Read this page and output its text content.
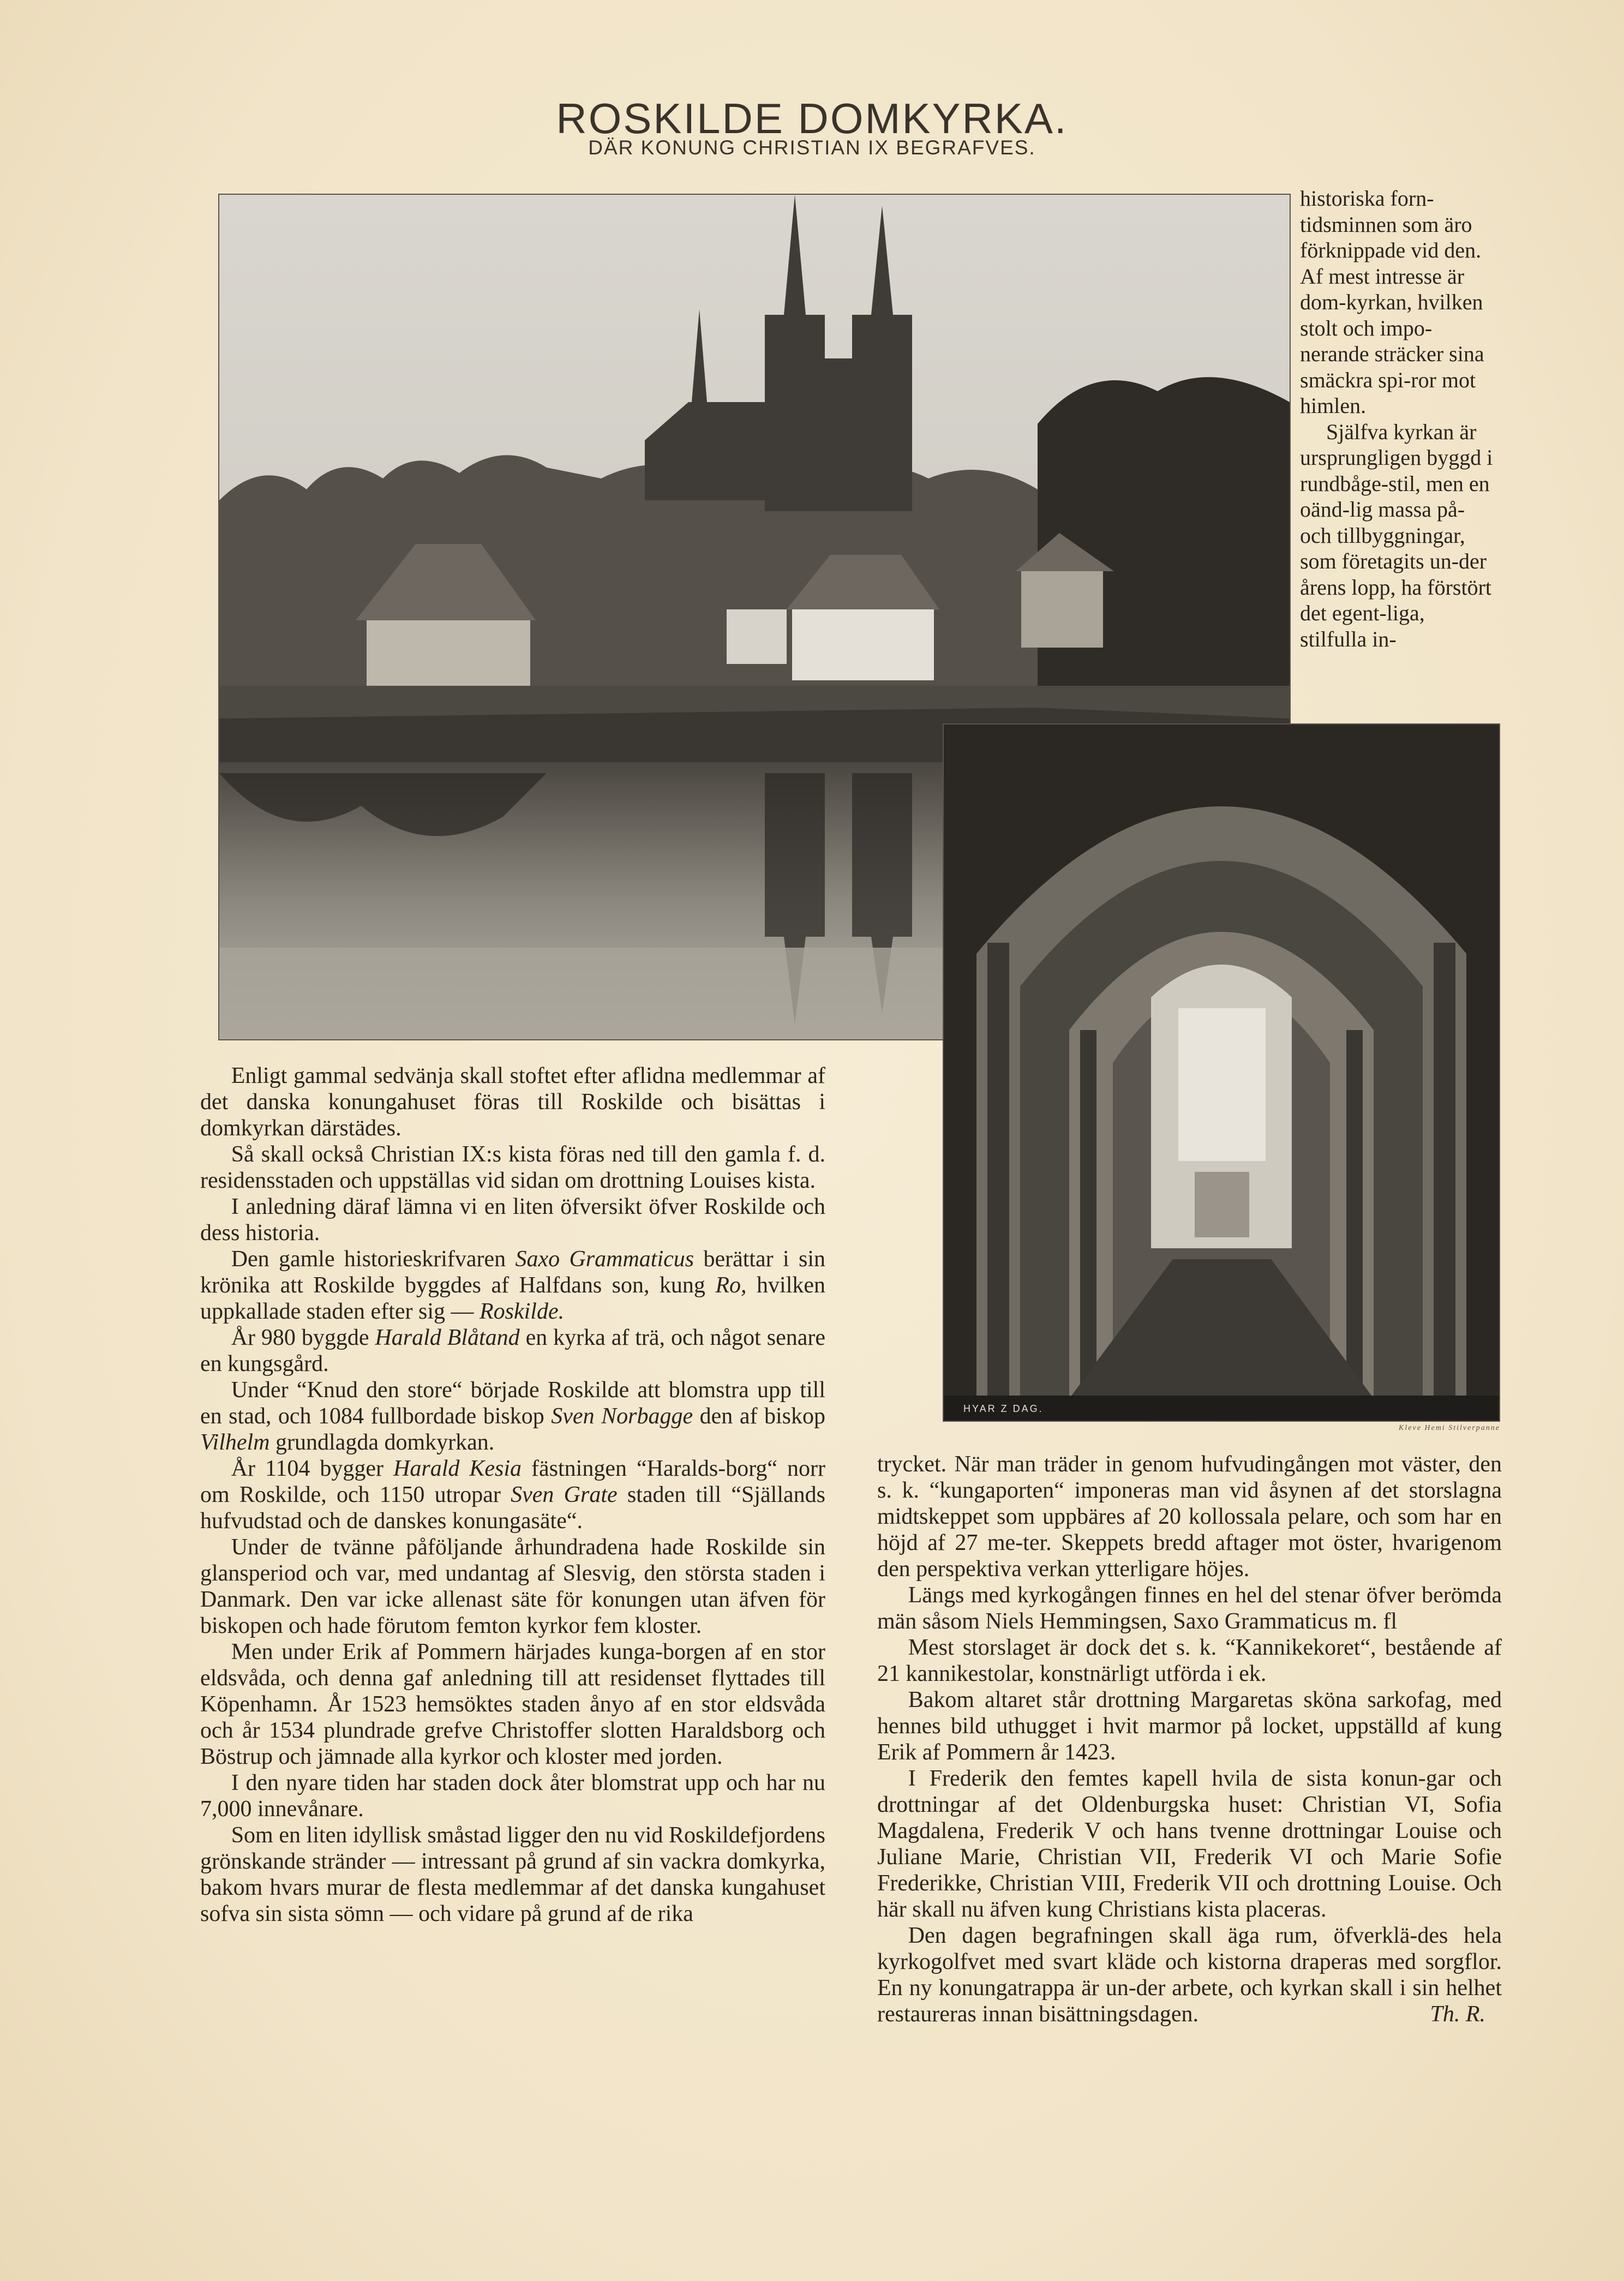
ROSKILDE DOMKYRKA.
DÄR KONUNG CHRISTIAN IX BEGRAFVES.
HYAR Z DAG.
Kleve Hemi Stilverpanne

historiska forn-tidsminnen som äro förknippade vid den. Af mest intresse är dom-kyrkan, hvilken stolt och impo-nerande sträcker sina smäckra spi-ror mot himlen.

Själfva kyrkan är ursprungligen byggd i rundbåge-stil, men en oänd-lig massa på- och tillbyggningar, som företagits un-der årens lopp, ha förstört det egent-liga, stilfulla in-

Enligt gammal sedvänja skall stoftet efter aflidna medlemmar af det danska konungahuset föras till Roskilde och bisättas i domkyrkan därstädes.

Så skall också Christian IX:s kista föras ned till den gamla f. d. residensstaden och uppställas vid sidan om drottning Louises kista.

I anledning däraf lämna vi en liten öfversikt öfver Roskilde och dess historia.

Den gamle historieskrifvaren Saxo Grammaticus berättar i sin krönika att Roskilde byggdes af Halfdans son, kung Ro, hvilken uppkallade staden efter sig — Roskilde.

År 980 byggde Harald Blåtand en kyrka af trä, och något senare en kungsgård.

Under “Knud den store“ började Roskilde att blomstra upp till en stad, och 1084 fullbordade biskop Sven Norbagge den af biskop Vilhelm grundlagda domkyrkan.

År 1104 bygger Harald Kesia fästningen “Haralds-borg“ norr om Roskilde, och 1150 utropar Sven Grate staden till “Själlands hufvudstad och de danskes konungasäte“.

Under de tvänne påföljande århundradena hade Roskilde sin glansperiod och var, med undantag af Slesvig, den största staden i Danmark. Den var icke allenast säte för konungen utan äfven för biskopen och hade förutom femton kyrkor fem kloster.

Men under Erik af Pommern härjades kunga-borgen af en stor eldsvåda, och denna gaf anledning till att residenset flyttades till Köpenhamn. År 1523 hemsöktes staden ånyo af en stor eldsvåda och år 1534 plundrade grefve Christoffer slotten Haraldsborg och Böstrup och jämnade alla kyrkor och kloster med jorden.

I den nyare tiden har staden dock åter blomstrat upp och har nu 7,000 innevånare.

Som en liten idyllisk småstad ligger den nu vid Roskildefjordens grönskande stränder — intressant på grund af sin vackra domkyrka, bakom hvars murar de flesta medlemmar af det danska kungahuset sofva sin sista sömn — och vidare på grund af de rika

trycket. När man träder in genom hufvudingången mot väster, den s. k. “kungaporten“ imponeras man vid åsynen af det storslagna midtskeppet som uppbäres af 20 kollossala pelare, och som har en höjd af 27 me-ter. Skeppets bredd aftager mot öster, hvarigenom den perspektiva verkan ytterligare höjes.

Längs med kyrkogången finnes en hel del stenar öfver berömda män såsom Niels Hemmingsen, Saxo Grammaticus m. fl

Mest storslaget är dock det s. k. “Kannikekoret“, bestående af 21 kannikestolar, konstnärligt utförda i ek.

Bakom altaret står drottning Margaretas sköna sarkofag, med hennes bild uthugget i hvit marmor på locket, uppställd af kung Erik af Pommern år 1423.

I Frederik den femtes kapell hvila de sista konun-gar och drottningar af det Oldenburgska huset: Christian VI, Sofia Magdalena, Frederik V och hans tvenne drottningar Louise och Juliane Marie, Christian VII, Frederik VI och Marie Sofie Frederikke, Christian VIII, Frederik VII och drottning Louise. Och här skall nu äfven kung Christians kista placeras.

Den dagen begrafningen skall äga rum, öfverklä-des hela kyrkogolfvet med svart kläde och kistorna draperas med sorgflor. En ny konungatrappa är un-der arbete, och kyrkan skall i sin helhet restaureras innan bisättningsdagen.	Th. R.
